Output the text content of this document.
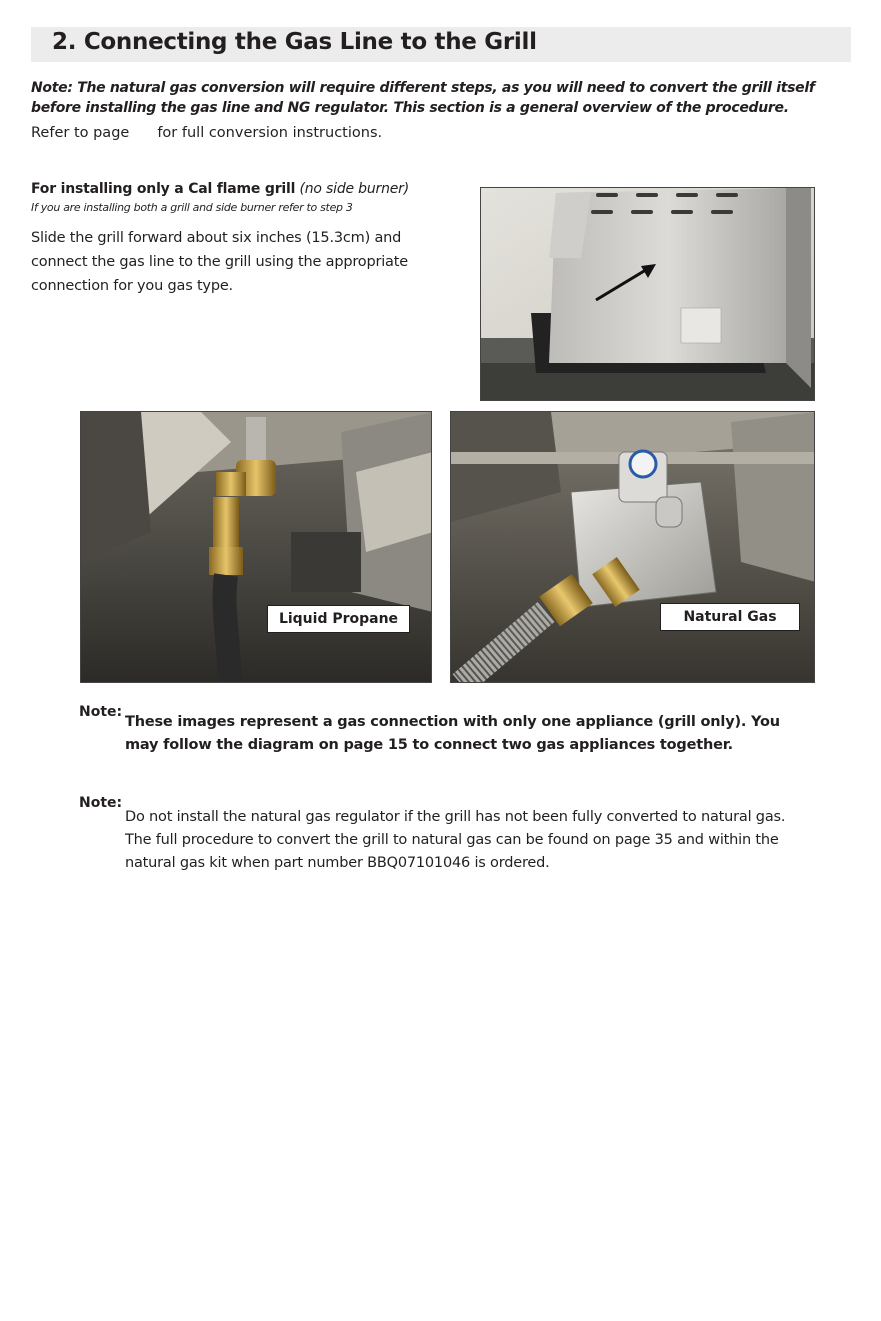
2. Connecting the Gas Line to the Grill
Note: The natural gas conversion will require different steps, as you will need to convert the grill itself before installing the gas line and NG regulator. This section is a general overview of the procedure.
Refer to page for full conversion instructions.
For installing only a Cal flame grill (no side burner)
If you are installing both a grill and side burner refer to step 3
Slide the grill forward about six inches (15.3cm) and connect the gas line to the grill using the appropriate connection for you gas type.
Liquid Propane	Natural Gas
Note:
These images represent a gas connection with only one appliance (grill only). You may follow the diagram on page 15 to connect two gas appliances together.
Note:
Do not install the natural gas regulator if the grill has not been fully converted to natural gas. The full procedure to convert the grill to natural gas can be found on page 35 and within the natural gas kit when part number BBQ07101046 is ordered.
